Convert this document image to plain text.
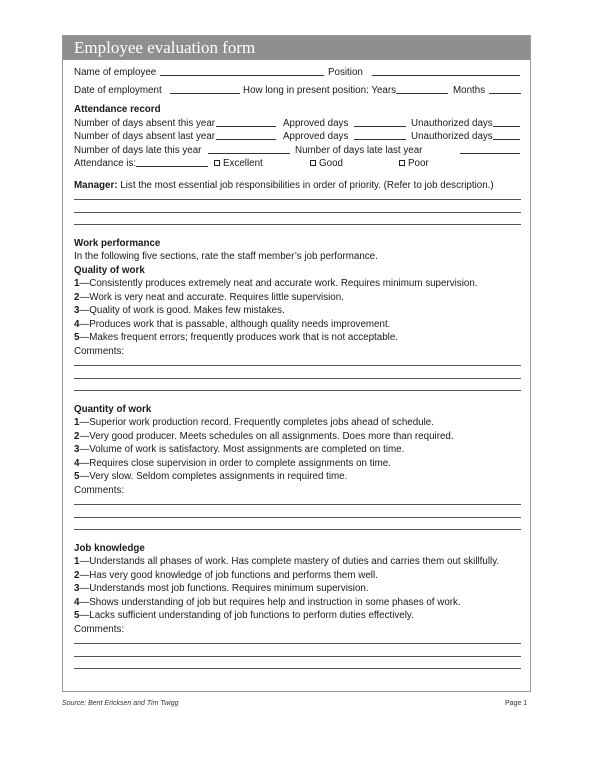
Employee evaluation form
Name of employee	Position
Date of employment	How long in present position: Years	Months
Attendance record
Number of days absent this year	Approved days	Unauthorized days
Number of days absent last year	Approved days	Unauthorized days
Number of days late this year	Number of days late last year
Attendance is:	Excellent	Good	Poor
Manager: List the most essential job responsibilities in order of priority. (Refer to job description.)
Work performance
In the following five sections, rate the staff member’s job performance.
Quality of work
1—Consistently produces extremely neat and accurate work. Requires minimum supervision.
2—Work is very neat and accurate. Requires little supervision.
3—Quality of work is good. Makes few mistakes.
4—Produces work that is passable, although quality needs improvement.
5—Makes frequent errors; frequently produces work that is not acceptable.
Comments:
Quantity of work
1—Superior work production record. Frequently completes jobs ahead of schedule.
2—Very good producer. Meets schedules on all assignments. Does more than required.
3—Volume of work is satisfactory. Most assignments are completed on time.
4—Requires close supervision in order to complete assignments on time.
5—Very slow. Seldom completes assignments in required time.
Comments:
Job knowledge
1—Understands all phases of work. Has complete mastery of duties and carries them out skillfully.
2—Has very good knowledge of job functions and performs them well.
3—Understands most job functions. Requires minimum supervision.
4—Shows understanding of job but requires help and instruction in some phases of work.
5—Lacks sufficient understanding of job functions to perform duties effectively.
Comments:
Source: Bent Ericksen and Tim Twigg	Page 1
